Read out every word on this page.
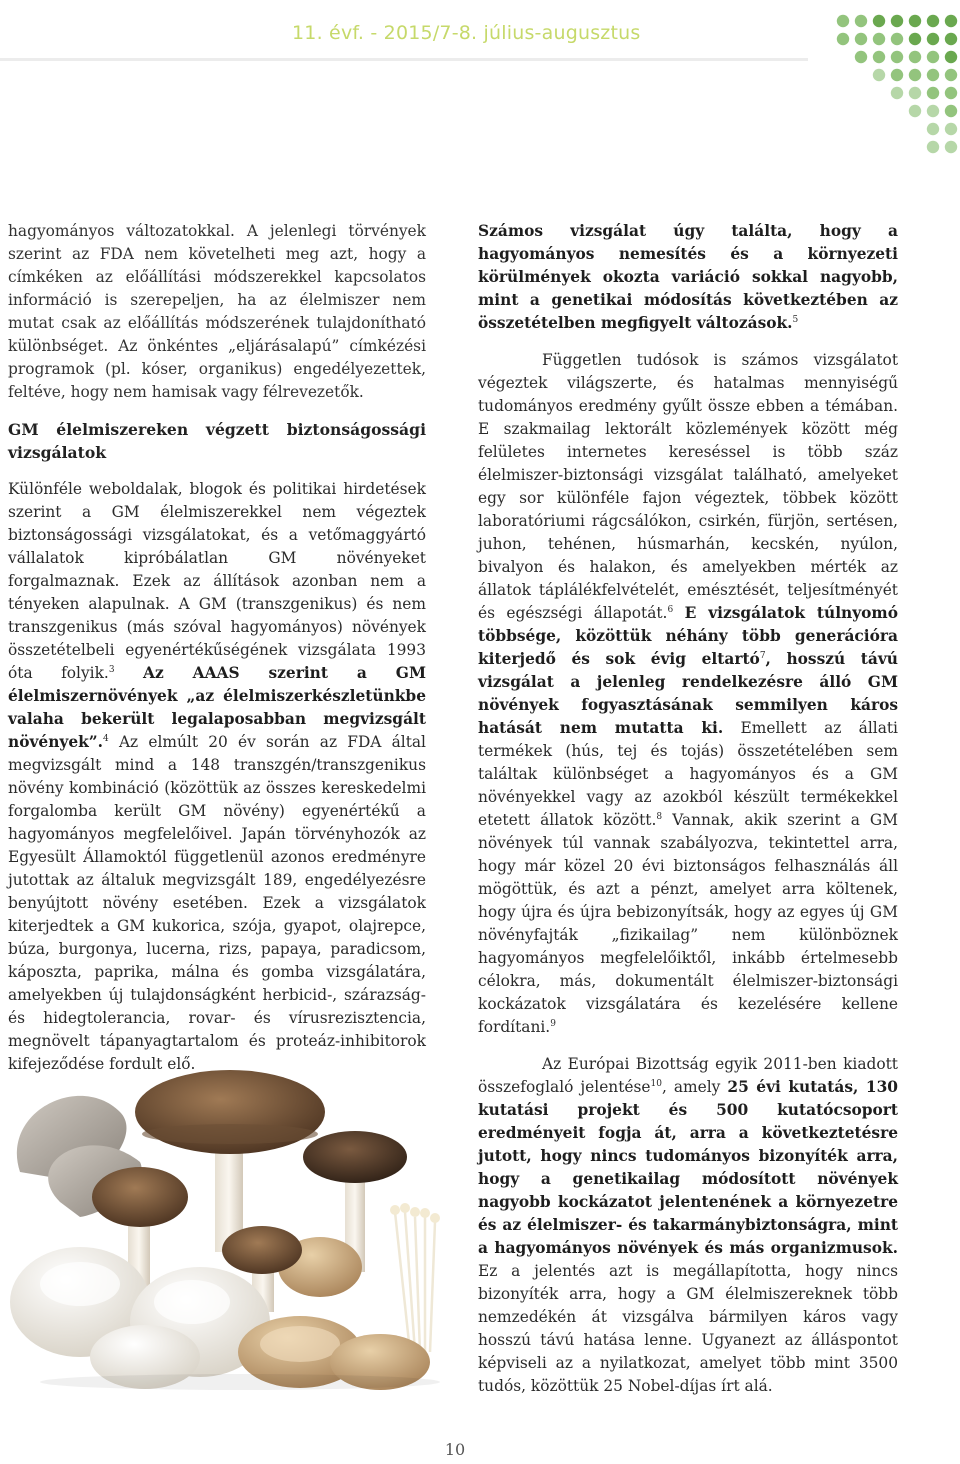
11. évf. - 2015/7-8. július-augusztus

hagyományos változatokkal. A jelenlegi törvények szerint az FDA nem követelheti meg azt, hogy a címkéken az előállítási módszerekkel kapcsolatos információ is szerepeljen, ha az élelmiszer nem mutat csak az előállítás módszerének tulajdonítható különbséget. Az önkéntes „eljárásalapú” címkézési programok (pl. kóser, organikus) engedélyezettek, feltéve, hogy nem hamisak vagy félrevezetők.

GM élelmiszereken végzett biztonságossági vizsgálatok

Különféle weboldalak, blogok és politikai hirdetések szerint a GM élelmiszerekkel nem végeztek biztonságossági vizsgálatokat, és a vetőmaggyártó vállalatok kipróbálatlan GM növényeket forgalmaznak. Ezek az állítások azonban nem a tényeken alapulnak. A GM (transzgenikus) és nem transzgenikus (más szóval hagyományos) növények összetételbeli egyenértékűségének vizsgálata 1993 óta folyik.$^3$ Az AAAS szerint a GM élelmiszernövények „az élelmiszerkészletünkbe valaha bekerült legalaposabban megvizsgált növények”.$^4$ Az elmúlt 20 év során az FDA által megvizsgált mind a 148 transzgén/transzgenikus növény kombináció (közöttük az összes kereskedelmi forgalomba került GM növény) egyenértékű a hagyományos megfelelőivel. Japán törvényhozók az Egyesült Államoktól függetlenül azonos eredményre jutottak az általuk megvizsgált 189, engedélyezésre benyújtott növény esetében. Ezek a vizsgálatok kiterjedtek a GM kukorica, szója, gyapot, olajrepce, búza, burgonya, lucerna, rizs, papaya, paradicsom, káposzta, paprika, málna és gomba vizsgálatára, amelyekben új tulajdonságként herbicid-, szárazság- és hidegtolerancia, rovar- és vírusrezisztencia, megnövelt tápanyagtartalom és proteáz-inhibitorok kifejeződése fordult elő.

Számos vizsgálat úgy találta, hogy a hagyományos nemesítés és a környezeti körülmények okozta variáció sokkal nagyobb, mint a genetikai módosítás következtében az összetételben megfigyelt változások.$^5$

Független tudósok is számos vizsgálatot végeztek világszerte, és hatalmas mennyiségű tudományos eredmény gyűlt össze ebben a témában. E szakmailag lektorált közlemények között még felületes internetes kereséssel is több száz élelmiszer-biztonsági vizsgálat található, amelyeket egy sor különféle fajon végeztek, többek között laboratóriumi rágcsálókon, csirkén, fürjön, sertésen, juhon, tehénen, húsmarhán, kecskén, nyúlon, bivalyon és halakon, és amelyekben mérték az állatok táplálékfelvételét, emésztését, teljesítményét és egészségi állapotát.$^6$ E vizsgálatok túlnyomó többsége, közöttük néhány több generációra kiterjedő és sok évig eltartó$^7$, hosszú távú vizsgálat a jelenleg rendelkezésre álló GM növények fogyasztásának semmilyen káros hatását nem mutatta ki. Emellett az állati termékek (hús, tej és tojás) összetételében sem találtak különbséget a hagyományos és a GM növényekkel vagy az azokból készült termékekkel etetett állatok között.$^8$ Vannak, akik szerint a GM növények túl vannak szabályozva, tekintettel arra, hogy már közel 20 évi biztonságos felhasználás áll mögöttük, és azt a pénzt, amelyet arra költenek, hogy újra és újra bebizonyítsák, hogy az egyes új GM növényfajták „fizikailag” nem különböznek hagyományos megfelelőiktől, inkább értelmesebb célokra, más, dokumentált élelmiszer-biztonsági kockázatok vizsgálatára és kezelésére kellene fordítani.$^9$

Az Európai Bizottság egyik 2011-ben kiadott összefoglaló jelentése$^{10}$, amely 25 évi kutatás, 130 kutatási projekt és 500 kutatócsoport eredményeit fogja át, arra a következtetésre jutott, hogy nincs tudományos bizonyíték arra, hogy a genetikailag módosított növények nagyobb kockázatot jelentenének a környezetre és az élelmiszer- és takarmánybiztonságra, mint a hagyományos növények és más organizmusok. Ez a jelentés azt is megállapította, hogy nincs bizonyíték arra, hogy a GM élelmiszereknek több nemzedékén át vizsgálva bármilyen káros vagy hosszú távú hatása lenne. Ugyanezt az álláspontot képviseli az a nyilatkozat, amelyet több mint 3500 tudós, közöttük 25 Nobel-díjas írt alá.

10
